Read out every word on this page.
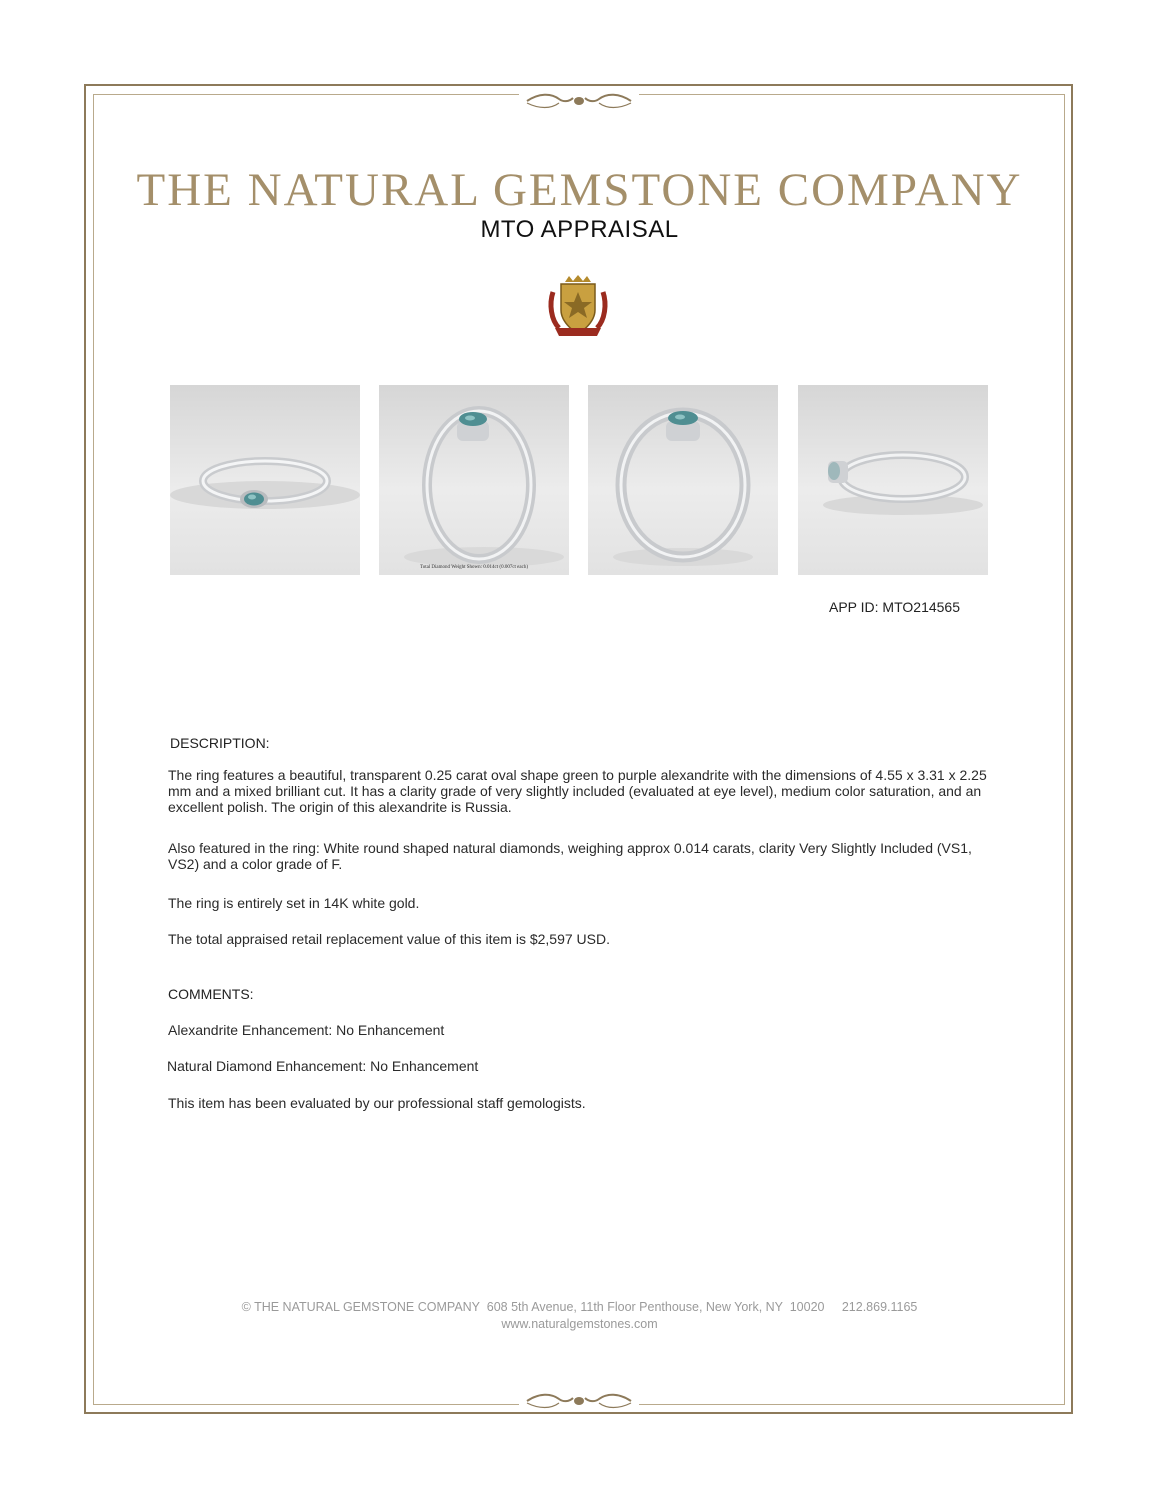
THE NATURAL GEMSTONE COMPANY
MTO APPRAISAL
Total Diamond Weight Shown: 0.014ct (0.007ct each)
APP ID: MTO214565
DESCRIPTION:

The ring features a beautiful, transparent 0.25 carat oval shape green to purple alexandrite with the dimensions of 4.55 x 3.31 x 2.25 mm and a mixed brilliant cut. It has a clarity grade of very slightly included (evaluated at eye level), medium color saturation, and an excellent polish. The origin of this alexandrite is Russia.

Also featured in the ring: White round shaped natural diamonds, weighing approx 0.014 carats, clarity Very Slightly Included (VS1, VS2) and a color grade of F.

The ring is entirely set in 14K white gold.

The total appraised retail replacement value of this item is $2,597 USD.

COMMENTS:

Alexandrite Enhancement: No Enhancement

Natural Diamond Enhancement: No Enhancement

This item has been evaluated by our professional staff gemologists.

© THE NATURAL GEMSTONE COMPANY  608 5th Avenue, 11th Floor Penthouse, New York, NY  10020     212.869.1165
www.naturalgemstones.com
